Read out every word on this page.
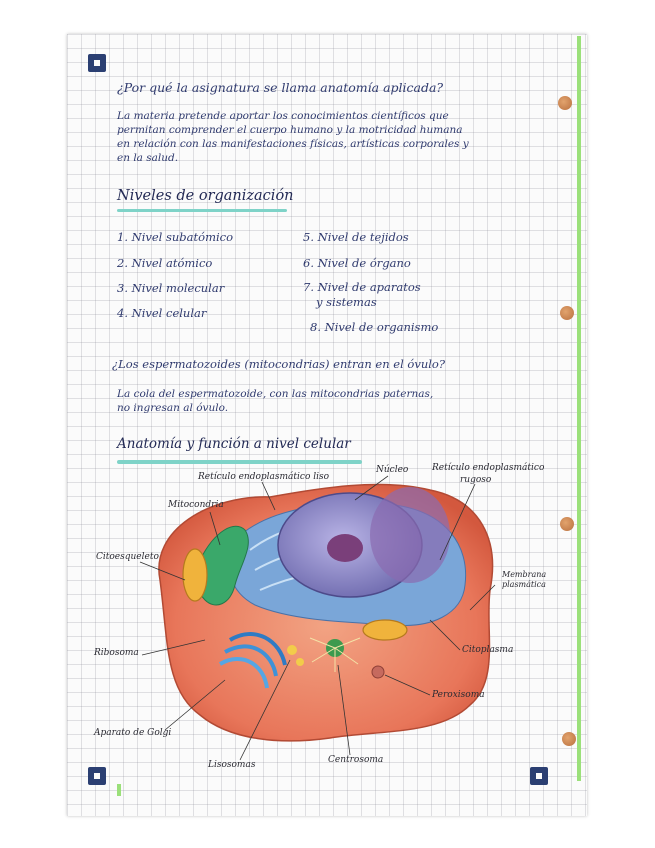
¿Por qué la asignatura se llama anatomía aplicada?
La materia pretende aportar los conocimientos científicos que
permitan comprender el cuerpo humano y la motricidad humana
en relación con las manifestaciones físicas, artísticas corporales y
en la salud.
Niveles de organización
1. Nivel subatómico
2. Nivel atómico
3. Nivel molecular
4. Nivel celular
5. Nivel de tejidos
6. Nivel de órgano
7. Nivel de aparatos
y sistemas
8. Nivel de organismo
¿Los espermatozoides (mitocondrias) entran en el óvulo?
La cola del espermatozoide, con las mitocondrias paternas,
no ingresan al óvulo.
Anatomía y función a nivel celular
Retículo endoplasmático liso
Núcleo	Retículo endoplasmático
rugoso
Mitocondria
Citoesqueleto
Membrana
plasmática
Ribosoma	Citoplasma
Peroxisoma
Aparato de Golgi
Lisosomas	Centrosoma
